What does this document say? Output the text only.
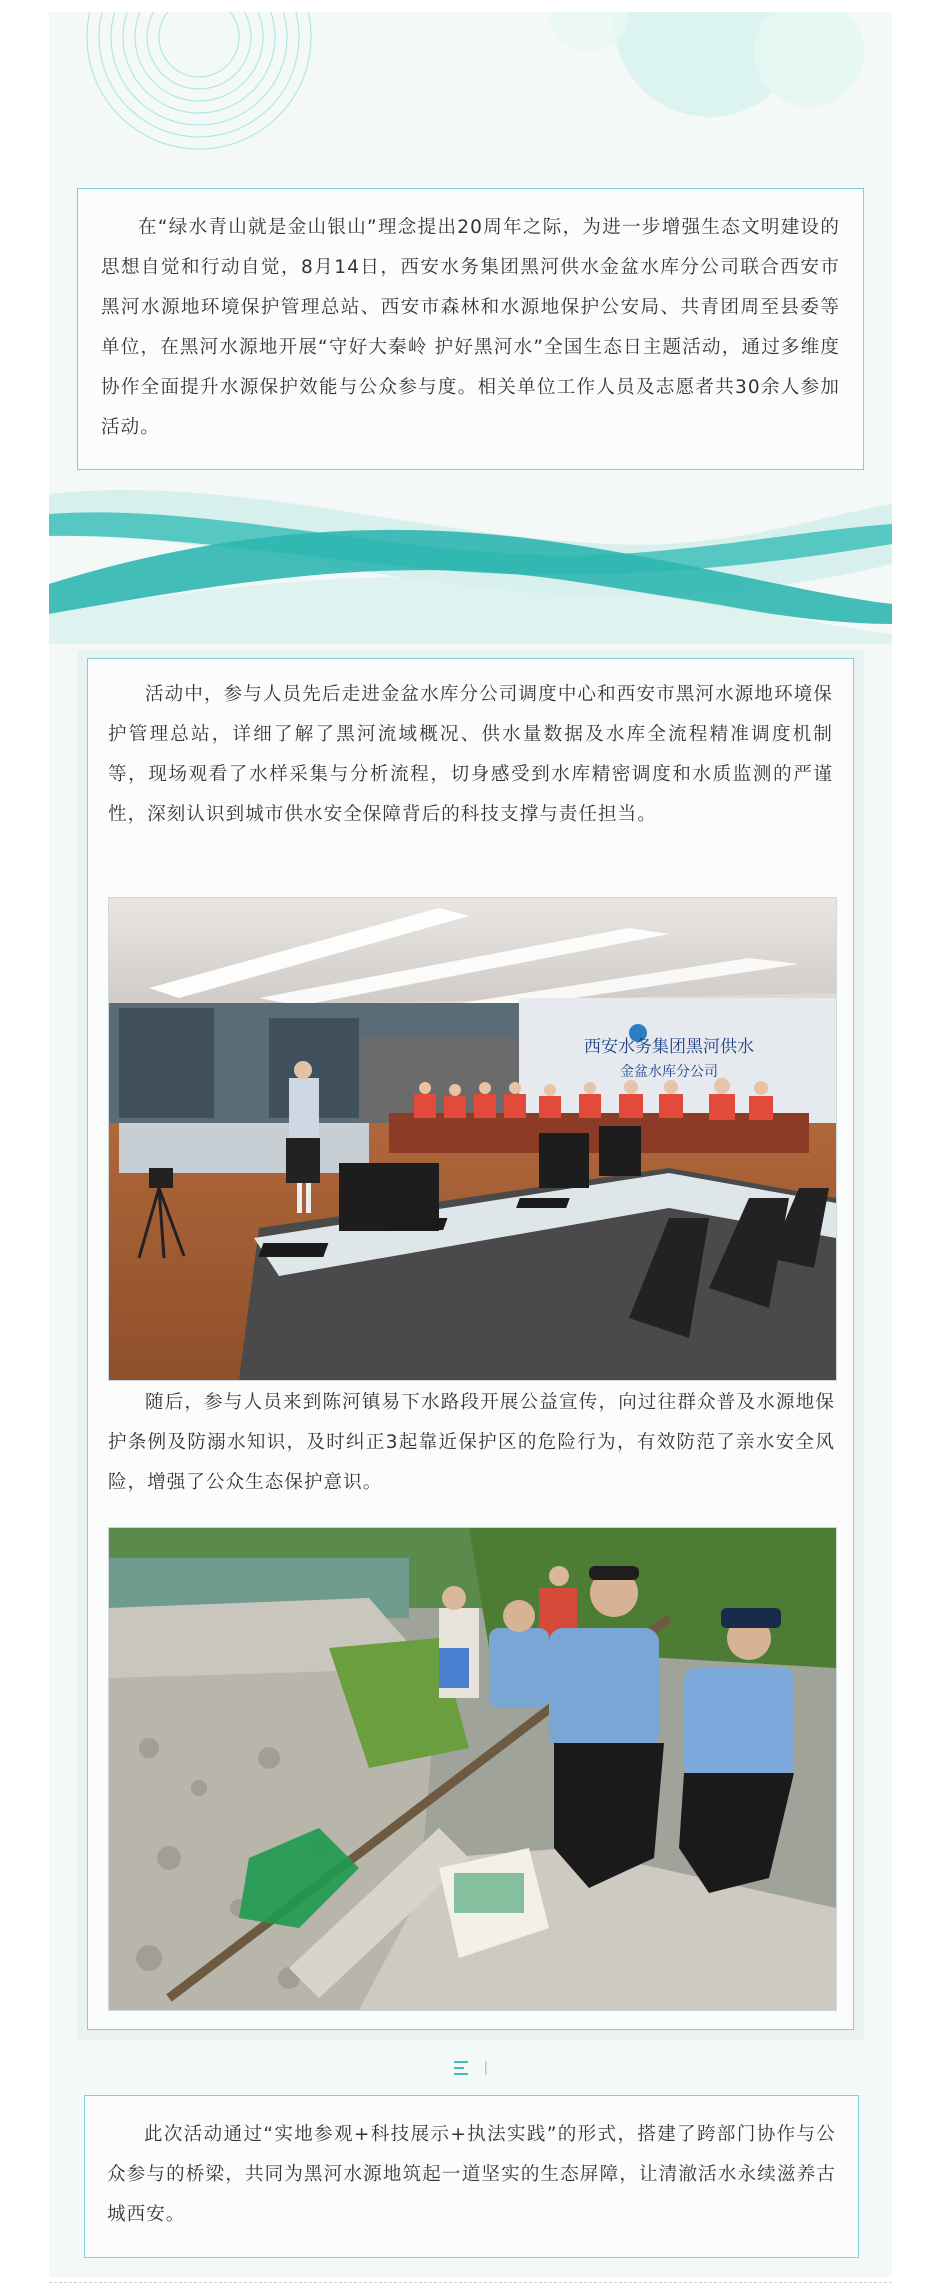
在“绿水青山就是金山银山”理念提出20周年之际，为进一步增强生态文明建设的思想自觉和行动自觉，8月14日，西安水务集团黑河供水金盆水库分公司联合西安市黑河水源地环境保护管理总站、西安市森林和水源地保护公安局、共青团周至县委等单位，在黑河水源地开展“守好大秦岭 护好黑河水”全国生态日主题活动，通过多维度协作全面提升水源保护效能与公众参与度。相关单位工作人员及志愿者共30余人参加活动。

活动中，参与人员先后走进金盆水库分公司调度中心和西安市黑河水源地环境保护管理总站，详细了解了黑河流域概况、供水量数据及水库全流程精准调度机制等，现场观看了水样采集与分析流程，切身感受到水库精密调度和水质监测的严谨性，深刻认识到城市供水安全保障背后的科技支撑与责任担当。

西安水务集团黑河供水
金盆水库分公司

随后，参与人员来到陈河镇易下水路段开展公益宣传，向过往群众普及水源地保护条例及防溺水知识，及时纠正3起靠近保护区的危险行为，有效防范了亲水安全风险，增强了公众生态保护意识。

此次活动通过“实地参观+科技展示+执法实践”的形式，搭建了跨部门协作与公众参与的桥梁，共同为黑河水源地筑起一道坚实的生态屏障，让清澈活水永续滋养古城西安。
